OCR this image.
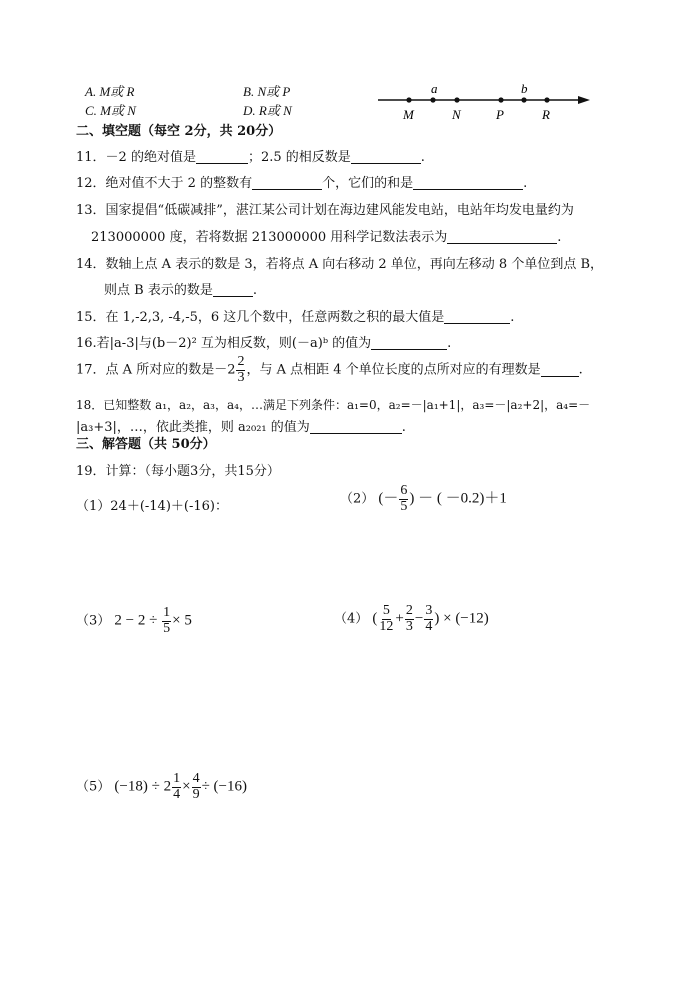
A. M或 R	B. N或 P
C. M或 N	D. R或 N
a	b
M	N	P	R
二、填空题（每空 2分，共 20分）
11．－2 的绝对值是	；2.5 的相反数是	.
12．绝对值不大于 2 的整数有	个，它们的和是	.
13．国家提倡“低碳减排”，湛江某公司计划在海边建风能发电站，电站年均发电量约为
213000000 度，若将数据 213000000 用科学记数法表示为	.
14．数轴上点 A 表示的数是 3，若将点 A 向右移动 2 单位，再向左移动 8 个单位到点 B，
则点 B 表示的数是	.
15．在 1,-2,3, -4,-5，6 这几个数中，任意两数之积的最大值是	.
16.若|a-3|与(b－2)² 互为相反数，则(－a)ᵇ 的值为	.
17．点 A 所对应的数是$-2 \frac{2}{3}$ ，与 A 点相距 4 个单位长度的点所对应的有理数是	.
18．已知整数 a₁，a₂，a₃，a₄，…满足下列条件：a₁=0，a₂=－|a₁+1|，a₃=－|a₂+2|，a₄=－
|a₃+3|，…，依此类推，则 a₂₀₂₁ 的值为	.
三、解答题（共 50分）
19．计算：（每小题3分，共15分）
（1）24＋(-14)＋(-16)：	（2） (－ $\frac{6}{5}$ ) － ( －0.2)＋1
（3） $2 - 2 \div \frac{1}{5} \times 5$	（4） ( $\frac{5}{12} + \frac{2}{3} - \frac{3}{4}$ ) × (−12)
（5） $(-18) \div 2 \frac{1}{4} \times \frac{4}{9} \div (-16)$
